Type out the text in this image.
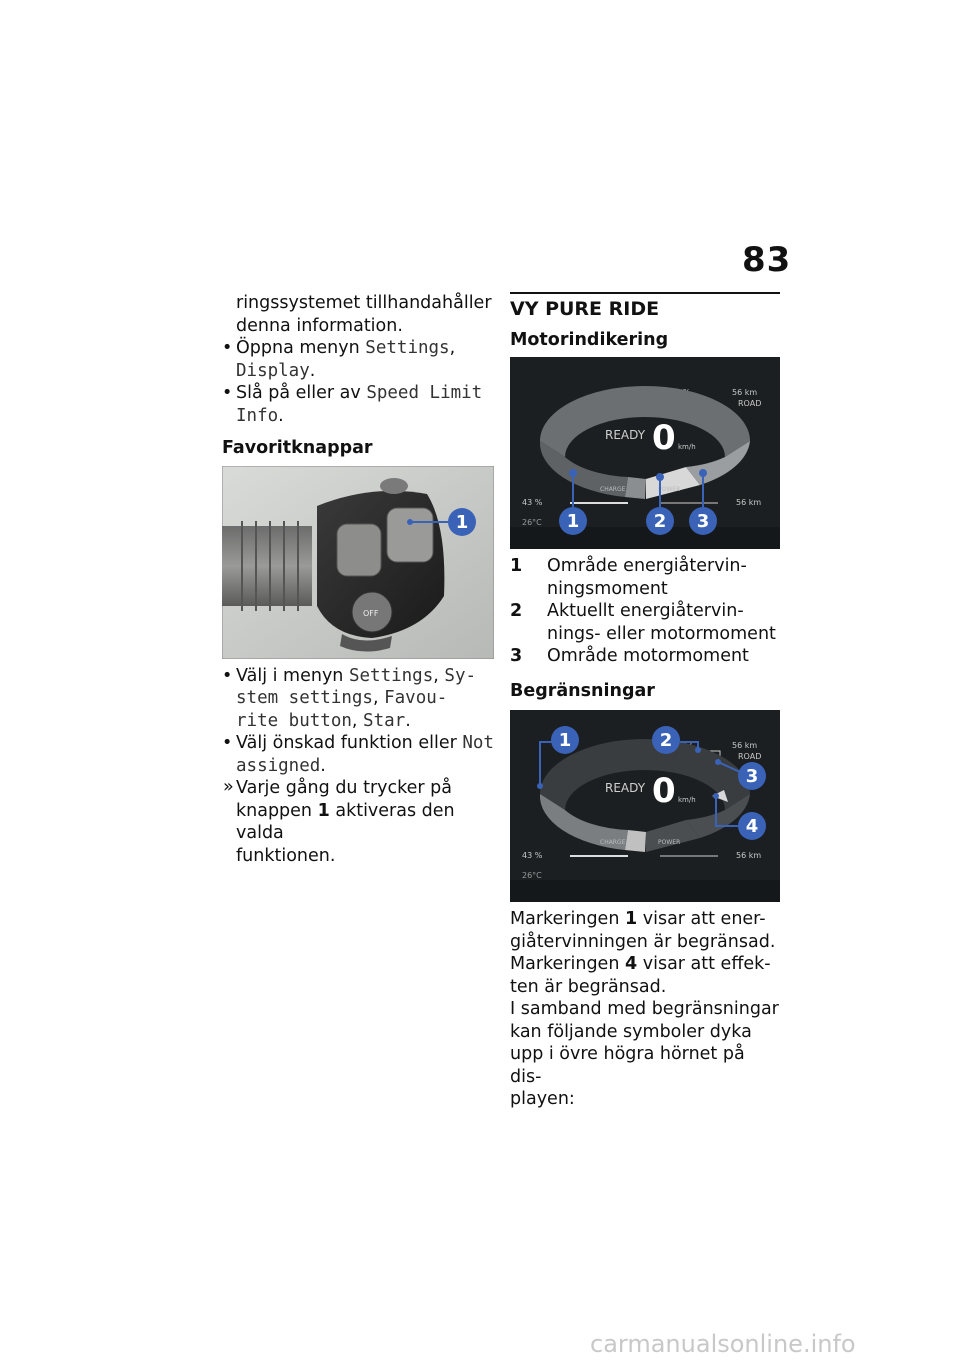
83

ringssystemet tillhandahåller

denna information.

• Öppna menyn Settings,
Display.

• Slå på eller av Speed Limit
Info.

Favoritknappar

OFF
1

• Välj i menyn Settings, Sy-
stem settings, Favou-
rite button, Star.

• Välj önskad funktion eller Not
assigned.

» Varje gång du trycker på
knappen 1 aktiveras den valda
funktionen.

VY PURE RIDE

Motorindikering

56 km
ROAD
READY 0 km/h
CHARGE	POWER
43 %	56 km
26°C 1	2 3
1	Område energiåtervin-
ningsmoment
2	Aktuellt energiåtervin-
nings- eller motormoment
3	Område motormoment

Begränsningar

56 km
ROAD
READY 0 km/h
CHARGE	POWER
43 %	56 km
26°C
1	2
3
4

Markeringen 1 visar att ener-
giåtervinningen är begränsad.
Markeringen 4 visar att effek-
ten är begränsad.
I samband med begränsningar
kan följande symboler dyka
upp i övre högra hörnet på dis-
playen:

carmanualsonline.info
